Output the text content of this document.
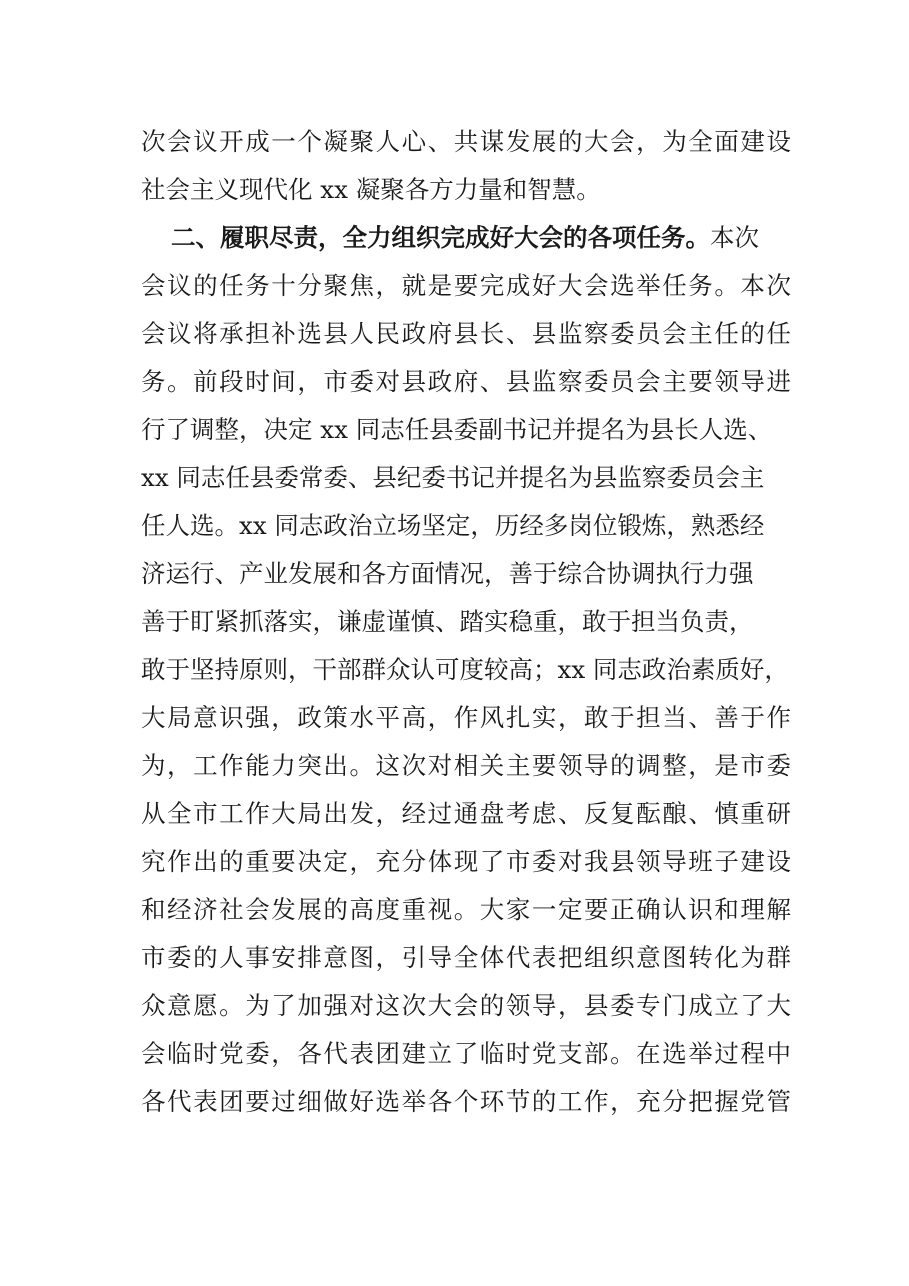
次会议开成一个凝聚人心、共谋发展的大会，为全面建设
社会主义现代化 xx 凝聚各方力量和智慧。
二、履职尽责，全力组织完成好大会的各项任务。本次
会议的任务十分聚焦，就是要完成好大会选举任务。本次
会议将承担补选县人民政府县长、县监察委员会主任的任
务。前段时间，市委对县政府、县监察委员会主要领导进
行了调整，决定 xx 同志任县委副书记并提名为县长人选、
xx 同志任县委常委、县纪委书记并提名为县监察委员会主
任人选。xx 同志政治立场坚定，历经多岗位锻炼，熟悉经
济运行、产业发展和各方面情况，善于综合协调执行力强
善于盯紧抓落实，谦虚谨慎、踏实稳重，敢于担当负责，
敢于坚持原则，干部群众认可度较高；xx 同志政治素质好，
大局意识强，政策水平高，作风扎实，敢于担当、善于作
为，工作能力突出。这次对相关主要领导的调整，是市委
从全市工作大局出发，经过通盘考虑、反复酝酿、慎重研
究作出的重要决定，充分体现了市委对我县领导班子建设
和经济社会发展的高度重视。大家一定要正确认识和理解
市委的人事安排意图，引导全体代表把组织意图转化为群
众意愿。为了加强对这次大会的领导，县委专门成立了大
会临时党委，各代表团建立了临时党支部。在选举过程中
各代表团要过细做好选举各个环节的工作，充分把握党管
